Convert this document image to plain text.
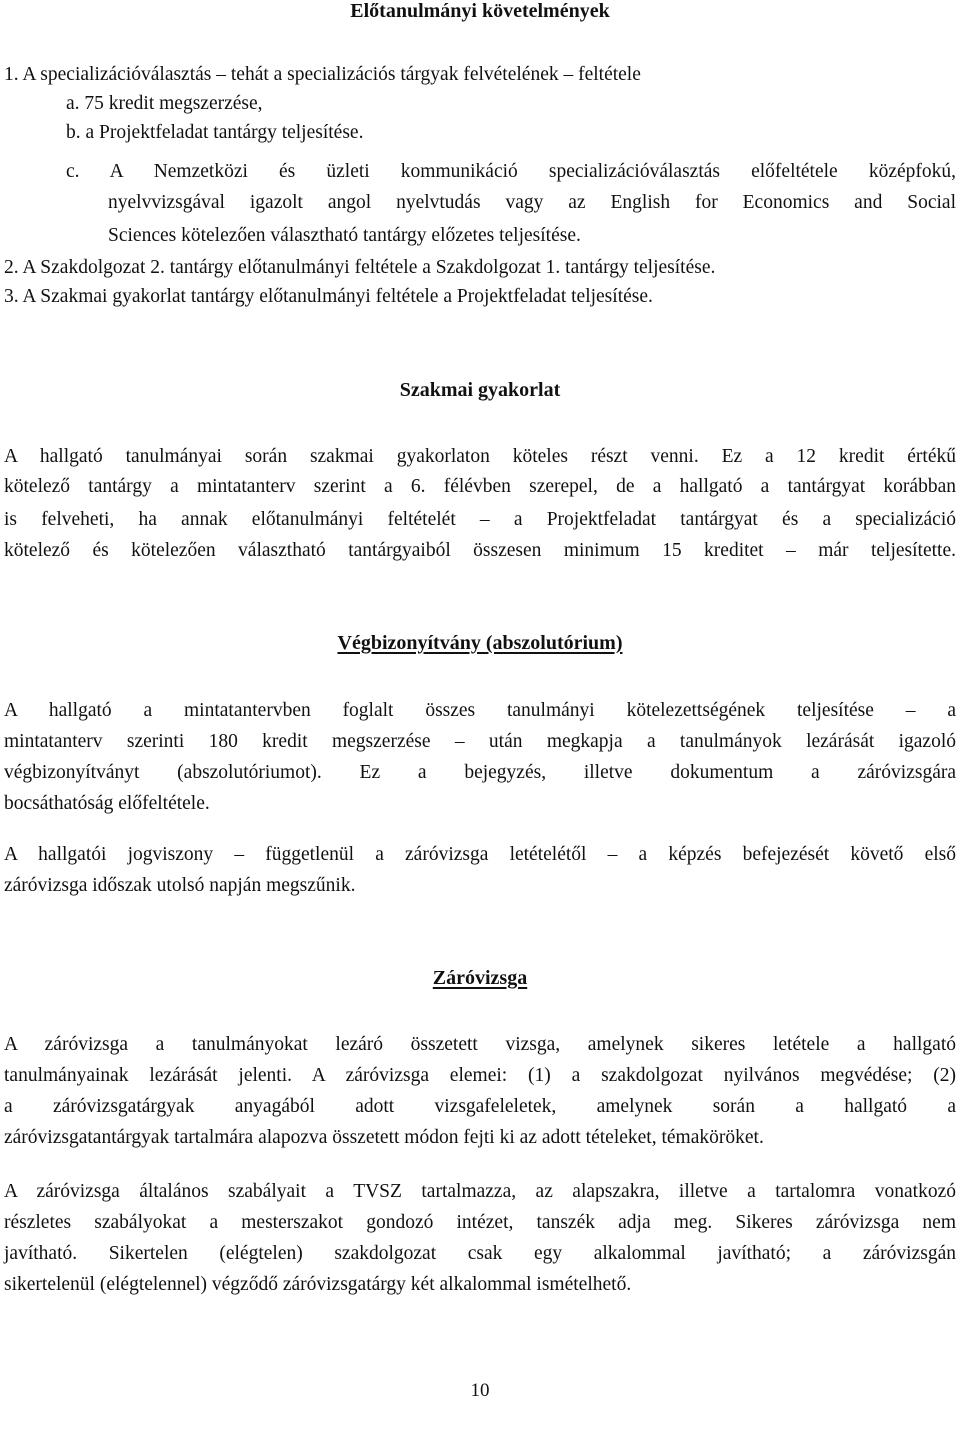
Előtanulmányi követelmények
1. A specializációválasztás – tehát a specializációs tárgyak felvételének – feltétele
a. 75 kredit megszerzése,
b. a Projektfeladat tantárgy teljesítése.
c. A Nemzetközi és üzleti kommunikáció specializációválasztás előfeltétele középfokú,
nyelvvizsgával igazolt angol nyelvtudás vagy az English for Economics and Social
Sciences kötelezően választható tantárgy előzetes teljesítése.
2. A Szakdolgozat 2. tantárgy előtanulmányi feltétele a Szakdolgozat 1. tantárgy teljesítése.
3. A Szakmai gyakorlat tantárgy előtanulmányi feltétele a Projektfeladat teljesítése.
Szakmai gyakorlat
A hallgató tanulmányai során szakmai gyakorlaton köteles részt venni. Ez a 12 kredit értékű
kötelező tantárgy a mintatanterv szerint a 6. félévben szerepel, de a hallgató a tantárgyat korábban
is felveheti, ha annak előtanulmányi feltételét – a Projektfeladat tantárgyat és a specializáció
kötelező és kötelezően választható tantárgyaiból összesen minimum 15 kreditet – már teljesítette.
Végbizonyítvány (abszolutórium)
A hallgató a mintatantervben foglalt összes tanulmányi kötelezettségének teljesítése – a
mintatanterv szerinti 180 kredit megszerzése – után megkapja a tanulmányok lezárását igazoló
végbizonyítványt (abszolutóriumot). Ez a bejegyzés, illetve dokumentum a záróvizsgára
bocsáthatóság előfeltétele.
A hallgatói jogviszony – függetlenül a záróvizsga letételétől – a képzés befejezését követő első
záróvizsga időszak utolsó napján megszűnik.
Záróvizsga
A záróvizsga a tanulmányokat lezáró összetett vizsga, amelynek sikeres letétele a hallgató
tanulmányainak lezárását jelenti. A záróvizsga elemei: (1) a szakdolgozat nyilvános megvédése; (2)
a záróvizsgatárgyak anyagából adott vizsgafeleletek, amelynek során a hallgató a
záróvizsgatantárgyak tartalmára alapozva összetett módon fejti ki az adott tételeket, témaköröket.
A záróvizsga általános szabályait a TVSZ tartalmazza, az alapszakra, illetve a tartalomra vonatkozó
részletes szabályokat a mesterszakot gondozó intézet, tanszék adja meg. Sikeres záróvizsga nem
javítható. Sikertelen (elégtelen) szakdolgozat csak egy alkalommal javítható; a záróvizsgán
sikertelenül (elégtelennel) végződő záróvizsgatárgy két alkalommal ismételhető.
10
